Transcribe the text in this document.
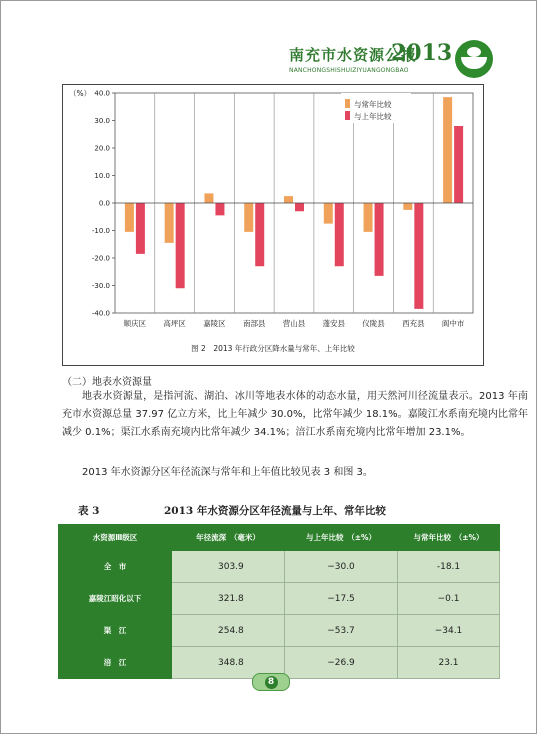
南充市水资源公报
2013
NANCHONGSHISHUIZIYUANGONGBAO
（%） 40.0
30.0
20.0
10.0
0.0
-10.0
-20.0
-30.0
-40.0
顺庆区 高坪区 嘉陵区 南部县 营山县 蓬安县 仪陇县 西充县 阆中市
与常年比较
与上年比较
图 2　2013 年行政分区降水量与常年、上年比较
（二）地表水资源量
地表水资源量，是指河流、湖泊、冰川等地表水体的动态水量，用天然河川径流量表示。2013 年南充市水资源总量 37.97 亿立方米，比上年减少 30.0%，比常年减少 18.1%。嘉陵江水系南充境内比常年减少 0.1%；渠江水系南充境内比常年减少 34.1%；涪江水系南充境内比常年增加 23.1%。
2013 年水资源分区年径流深与常年和上年值比较见表 3 和图 3。
表 3	2013 年水资源分区年径流量与上年、常年比较
水资源Ⅲ级区	年径流深　（毫米）	与上年比较　（±%）	与常年比较　（±%）
全　市	303.9	−30.0	-18.1
嘉陵江昭化以下	321.8	−17.5	−0.1
渠　江	254.8	−53.7	−34.1
涪　江	348.8	−26.9	23.1
8
